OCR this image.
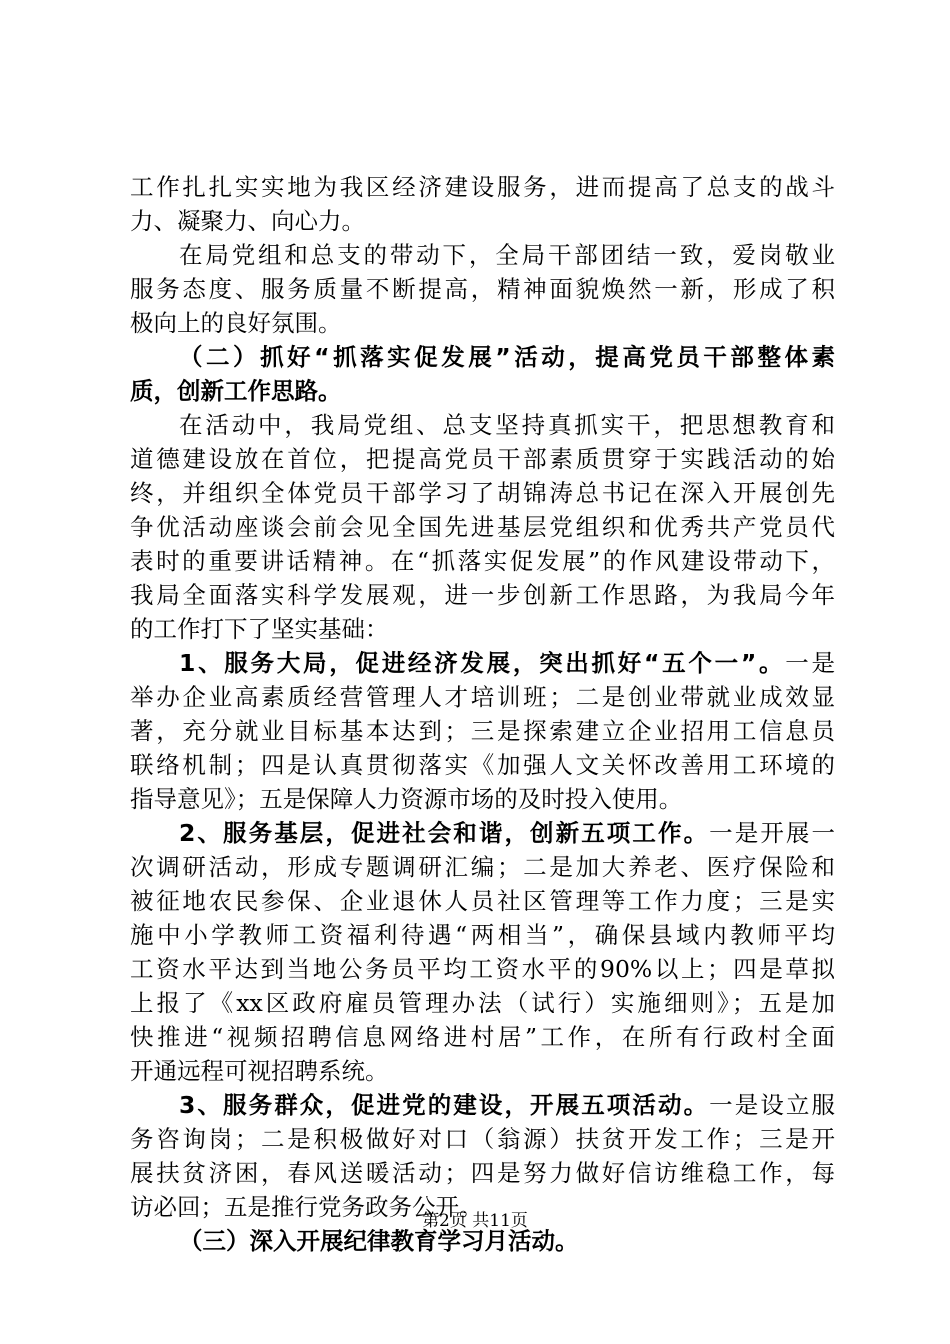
工作扎扎实实地为我区经济建设服务，进而提高了总支的战斗
力、凝聚力、向心力。
在局党组和总支的带动下，全局干部团结一致，爱岗敬业
服务态度、服务质量不断提高，精神面貌焕然一新，形成了积
极向上的良好氛围。
（二）抓好“抓落实促发展”活动，提高党员干部整体素
质，创新工作思路。
在活动中，我局党组、总支坚持真抓实干，把思想教育和
道德建设放在首位，把提高党员干部素质贯穿于实践活动的始
终，并组织全体党员干部学习了胡锦涛总书记在深入开展创先
争优活动座谈会前会见全国先进基层党组织和优秀共产党员代
表时的重要讲话精神。在“抓落实促发展”的作风建设带动下，
我局全面落实科学发展观，进一步创新工作思路，为我局今年
的工作打下了坚实基础：
1、服务大局，促进经济发展，突出抓好“五个一”。一是
举办企业高素质经营管理人才培训班；二是创业带就业成效显
著，充分就业目标基本达到；三是探索建立企业招用工信息员
联络机制；四是认真贯彻落实《加强人文关怀改善用工环境的
指导意见》；五是保障人力资源市场的及时投入使用。
2、服务基层，促进社会和谐，创新五项工作。一是开展一
次调研活动，形成专题调研汇编；二是加大养老、医疗保险和
被征地农民参保、企业退休人员社区管理等工作力度；三是实
施中小学教师工资福利待遇“两相当”，确保县域内教师平均
工资水平达到当地公务员平均工资水平的90%以上；四是草拟
上报了《xx区政府雇员管理办法（试行）实施细则》；五是加
快推进“视频招聘信息网络进村居”工作，在所有行政村全面
开通远程可视招聘系统。
3、服务群众，促进党的建设，开展五项活动。一是设立服
务咨询岗；二是积极做好对口（翁源）扶贫开发工作；三是开
展扶贫济困，春风送暖活动；四是努力做好信访维稳工作，每
访必回；五是推行党务政务公开。
（三）深入开展纪律教育学习月活动。
第2页 共11页
